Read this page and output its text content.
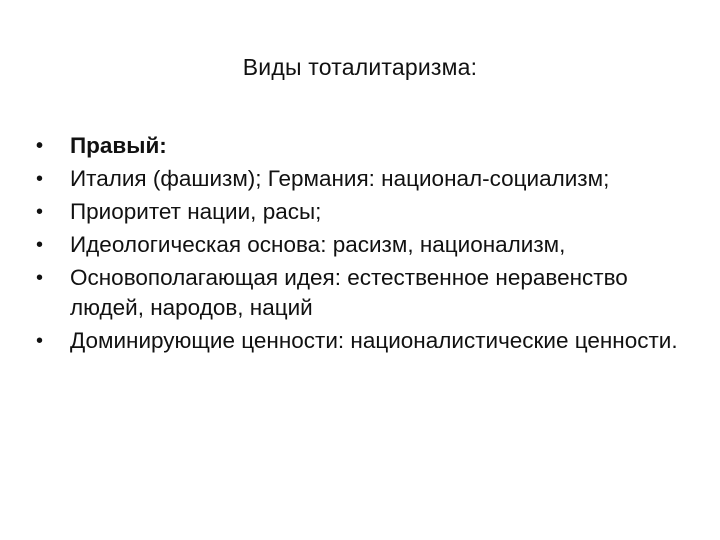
Виды тоталитаризма:
•	Правый:
•	Италия (фашизм); Германия: национал-социализм;
•	Приоритет нации, расы;
•	Идеологическая основа: расизм, национализм,
•	Основополагающая идея: естественное неравенство людей, народов, наций
•	Доминирующие ценности: националистические ценности.
